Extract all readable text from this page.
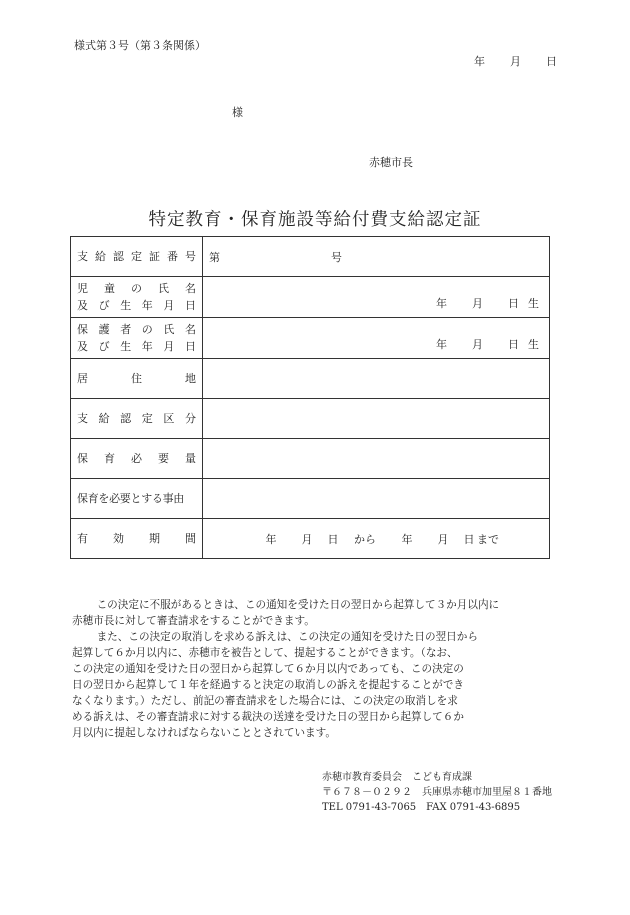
様式第３号（第３条関係）
年 月 日
様
赤穂市長
特定教育・保育施設等給付費支給認定証
支給認定証番号	第 号

児童の氏名
及び生年月日	年 月 日 生

保護者の氏名
及び生年月日	年 月 日 生

居住地	

支給認定区分	

保育必要量	

保育を必要とする事由	

有効期間	年 月 日 から 年 月 日 まで

この決定に不服があるときは、この通知を受けた日の翌日から起算して３か月以内に

赤穂市長に対して審査請求をすることができます。

また、この決定の取消しを求める訴えは、この決定の通知を受けた日の翌日から

起算して６か月以内に、赤穂市を被告として、提起することができます。（なお、

この決定の通知を受けた日の翌日から起算して６か月以内であっても、この決定の

日の翌日から起算して１年を経過すると決定の取消しの訴えを提起することができ

なくなります。）ただし、前記の審査請求をした場合には、この決定の取消しを求

める訴えは、その審査請求に対する裁決の送達を受けた日の翌日から起算して６か

月以内に提起しなければならないこととされています。

赤穂市教育委員会　こども育成課
〒６７８－０２９２　兵庫県赤穂市加里屋８１番地
TEL 0791-43-7065　FAX 0791-43-6895
